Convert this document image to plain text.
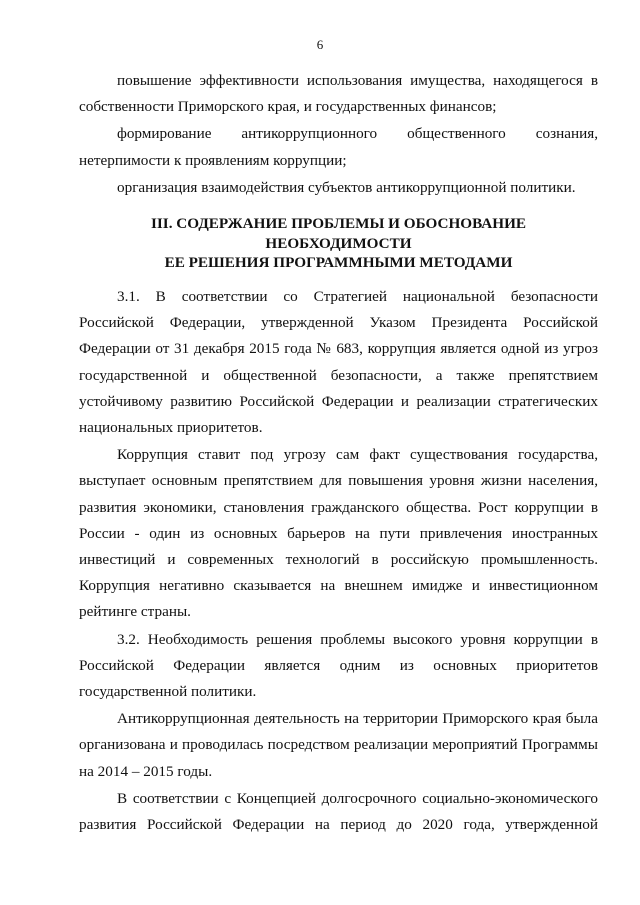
6

повышение эффективности использования имущества, находящегося в собственности Приморского края, и государственных финансов;

формирование антикоррупционного общественного сознания, нетерпимости к проявлениям коррупции;

организация взаимодействия субъектов антикоррупционной политики.

III. СОДЕРЖАНИЕ ПРОБЛЕМЫ И ОБОСНОВАНИЕ
НЕОБХОДИМОСТИ
ЕЕ РЕШЕНИЯ ПРОГРАММНЫМИ МЕТОДАМИ

3.1. В соответствии со Стратегией национальной безопасности Российской Федерации, утвержденной Указом Президента Российской Федерации от 31 декабря 2015 года № 683, коррупция является одной из угроз государственной и общественной безопасности, а также препятствием устойчивому развитию Российской Федерации и реализации стратегических национальных приоритетов.

Коррупция ставит под угрозу сам факт существования государства, выступает основным препятствием для повышения уровня жизни населения, развития экономики, становления гражданского общества. Рост коррупции в России - один из основных барьеров на пути привлечения иностранных инвестиций и современных технологий в российскую промышленность. Коррупция негативно сказывается на внешнем имидже и инвестиционном рейтинге страны.

3.2. Необходимость решения проблемы высокого уровня коррупции в Российской Федерации является одним из основных приоритетов государственной политики.

Антикоррупционная деятельность на территории Приморского края была организована и проводилась посредством реализации мероприятий Программы на 2014 – 2015 годы.

В соответствии с Концепцией долгосрочного социально-экономического развития Российской Федерации на период до 2020 года, утвержденной
